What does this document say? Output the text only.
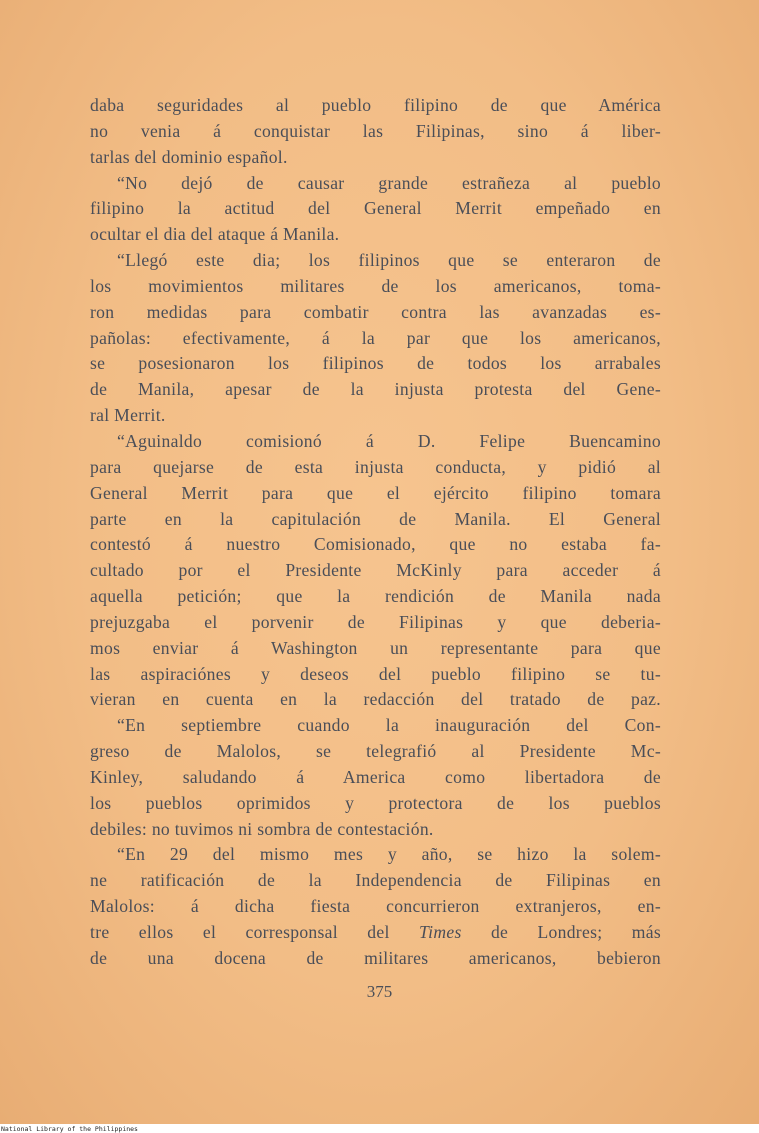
daba seguridades al pueblo filipino de que América
no venia á conquistar las Filipinas, sino á liber-
tarlas del dominio español.
“No dejó de causar grande estrañeza al pueblo
filipino la actitud del General Merrit empeñado en
ocultar el dia del ataque á Manila.
“Llegó este dia; los filipinos que se enteraron de
los movimientos militares de los americanos, toma-
ron medidas para combatir contra las avanzadas es-
pañolas: efectivamente, á la par que los americanos,
se posesionaron los filipinos de todos los arrabales
de Manila, apesar de la injusta protesta del Gene-
ral Merrit.
“Aguinaldo comisionó á D. Felipe Buencamino
para quejarse de esta injusta conducta, y pidió al
General Merrit para que el ejército filipino tomara
parte en la capitulación de Manila. El General
contestó á nuestro Comisionado, que no estaba fa-
cultado por el Presidente McKinly para acceder á
aquella petición; que la rendición de Manila nada
prejuzgaba el porvenir de Filipinas y que deberia-
mos enviar á Washington un representante para que
las aspiraciónes y deseos del pueblo filipino se tu-
vieran en cuenta en la redacción del tratado de paz.
“En septiembre cuando la inauguración del Con-
greso de Malolos, se telegrafió al Presidente Mc-
Kinley, saludando á America como libertadora de
los pueblos oprimidos y protectora de los pueblos
debiles: no tuvimos ni sombra de contestación.
“En 29 del mismo mes y año, se hizo la solem-
ne ratificación de la Independencia de Filipinas en
Malolos: á dicha fiesta concurrieron extranjeros, en-
tre ellos el corresponsal del Times de Londres; más
de una docena de militares americanos, bebieron
375
National Library of the Philippines
